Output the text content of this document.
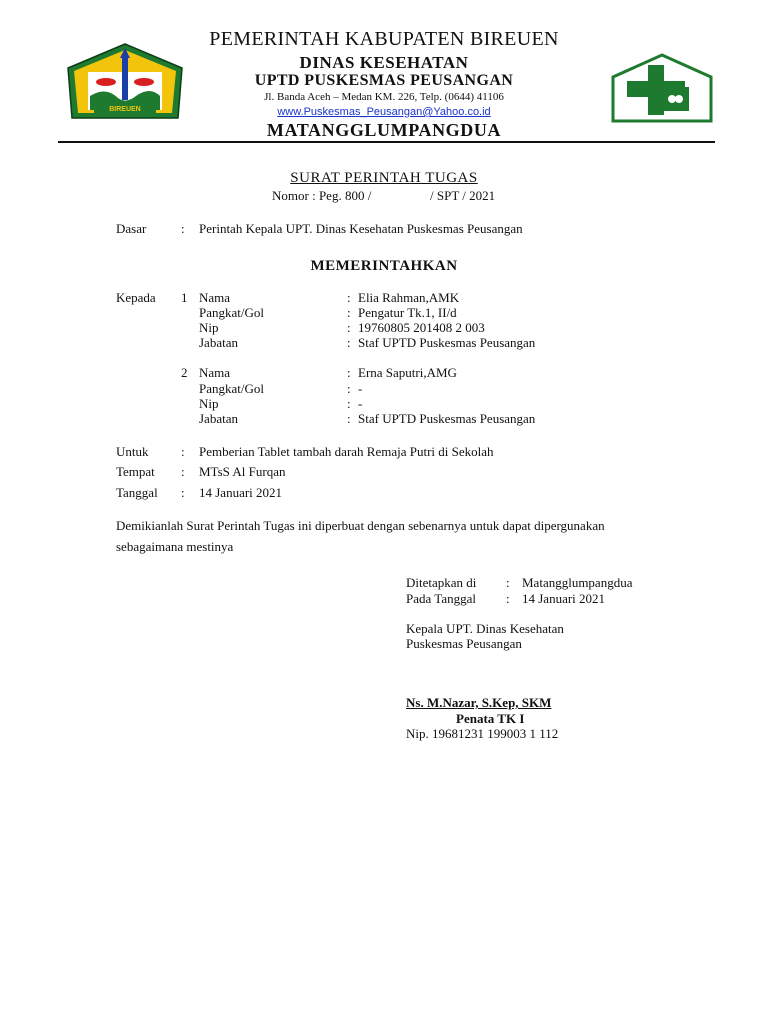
BIREUEN
PEMERINTAH KABUPATEN BIREUEN
DINAS KESEHATAN
UPTD PUSKESMAS PEUSANGAN
Jl. Banda Aceh – Medan KM. 226, Telp. (0644) 41106
www.Puskesmas_Peusangan@Yahoo.co.id
MATANGGLUMPANGDUA
SURAT PERINTAH TUGAS
Nomor : Peg. 800 /	/ SPT / 2021
Dasar	: Perintah Kepala UPT. Dinas Kesehatan Puskesmas Peusangan
MEMERINTAHKAN
Kepada 1 Nama	: Elia Rahman,AMK
Pangkat/Gol	: Pengatur Tk.1, II/d
Nip	: 19760805 201408 2 003
Jabatan	: Staf UPTD Puskesmas Peusangan
2 Nama	: Erna Saputri,AMG
Pangkat/Gol	: -
Nip	: -
Jabatan	: Staf UPTD Puskesmas Peusangan
Untuk	: Pemberian Tablet tambah darah Remaja Putri di Sekolah
Tempat : MTsS Al Furqan
Tanggal : 14 Januari 2021
Demikianlah Surat Perintah Tugas ini diperbuat dengan sebenarnya untuk dapat dipergunakan
sebagaimana mestinya
Ditetapkan di : Matangglumpangdua
Pada Tanggal : 14 Januari 2021
Kepala UPT. Dinas Kesehatan
Puskesmas Peusangan
Ns. M.Nazar, S.Kep, SKM
Penata TK I
Nip. 19681231 199003 1 112
